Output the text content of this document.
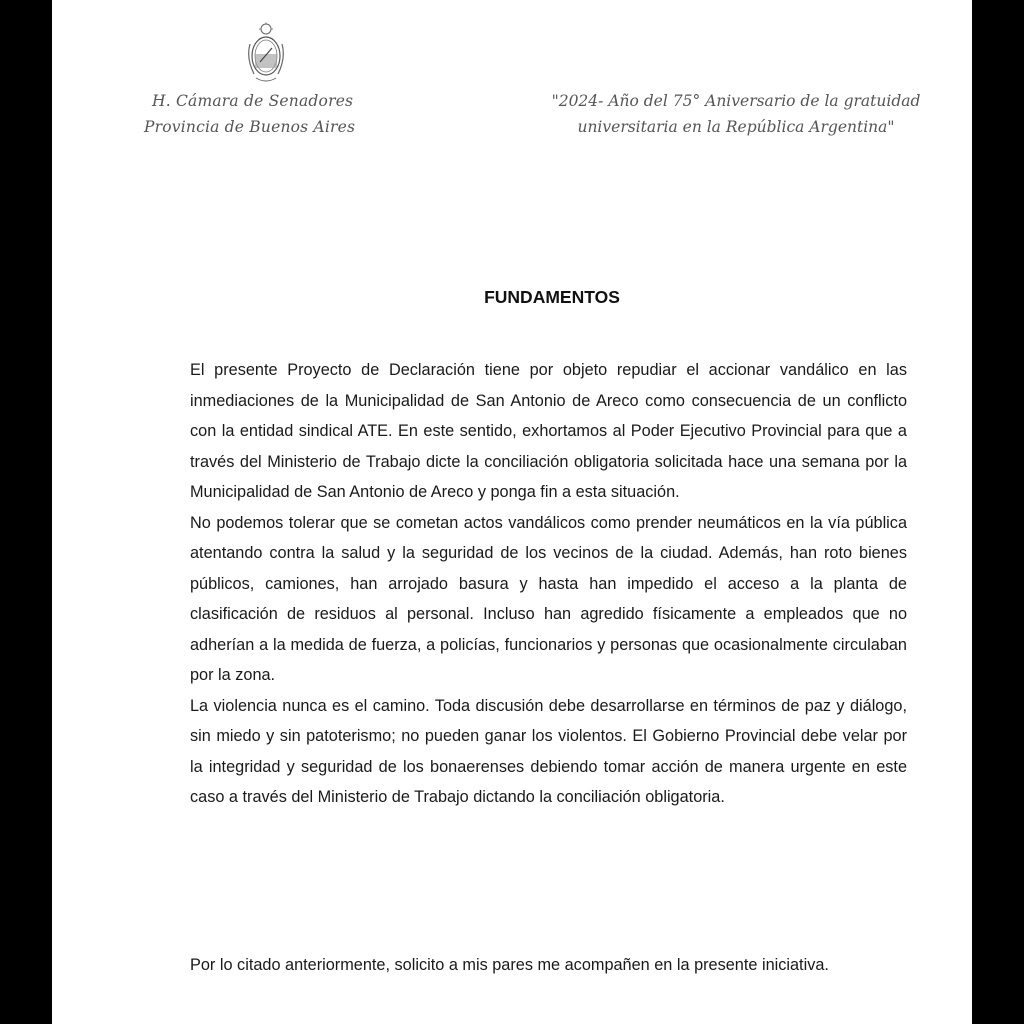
H. Cámara de Senadores
Provincia de Buenos Aires
"2024- Año del 75° Aniversario de la gratuidad
universitaria en la República Argentina"
FUNDAMENTOS

El presente Proyecto de Declaración tiene por objeto repudiar el accionar vandálico en las inmediaciones de la Municipalidad de San Antonio de Areco como consecuencia de un conflicto con la entidad sindical ATE. En este sentido, exhortamos al Poder Ejecutivo Provincial para que a través del Ministerio de Trabajo dicte la conciliación obligatoria solicitada hace una semana por la Municipalidad de San Antonio de Areco y ponga fin a esta situación.

No podemos tolerar que se cometan actos vandálicos como prender neumáticos en la vía pública atentando contra la salud y la seguridad de los vecinos de la ciudad. Además, han roto bienes públicos, camiones, han arrojado basura y hasta han impedido el acceso a la planta de clasificación de residuos al personal. Incluso han agredido físicamente a empleados que no adherían a la medida de fuerza, a policías, funcionarios y personas que ocasionalmente circulaban por la zona.

La violencia nunca es el camino. Toda discusión debe desarrollarse en términos de paz y diálogo, sin miedo y sin patoterismo; no pueden ganar los violentos. El Gobierno Provincial debe velar por la integridad y seguridad de los bonaerenses debiendo tomar acción de manera urgente en este caso a través del Ministerio de Trabajo dictando la conciliación obligatoria.

Por lo citado anteriormente, solicito a mis pares me acompañen en la presente iniciativa.
